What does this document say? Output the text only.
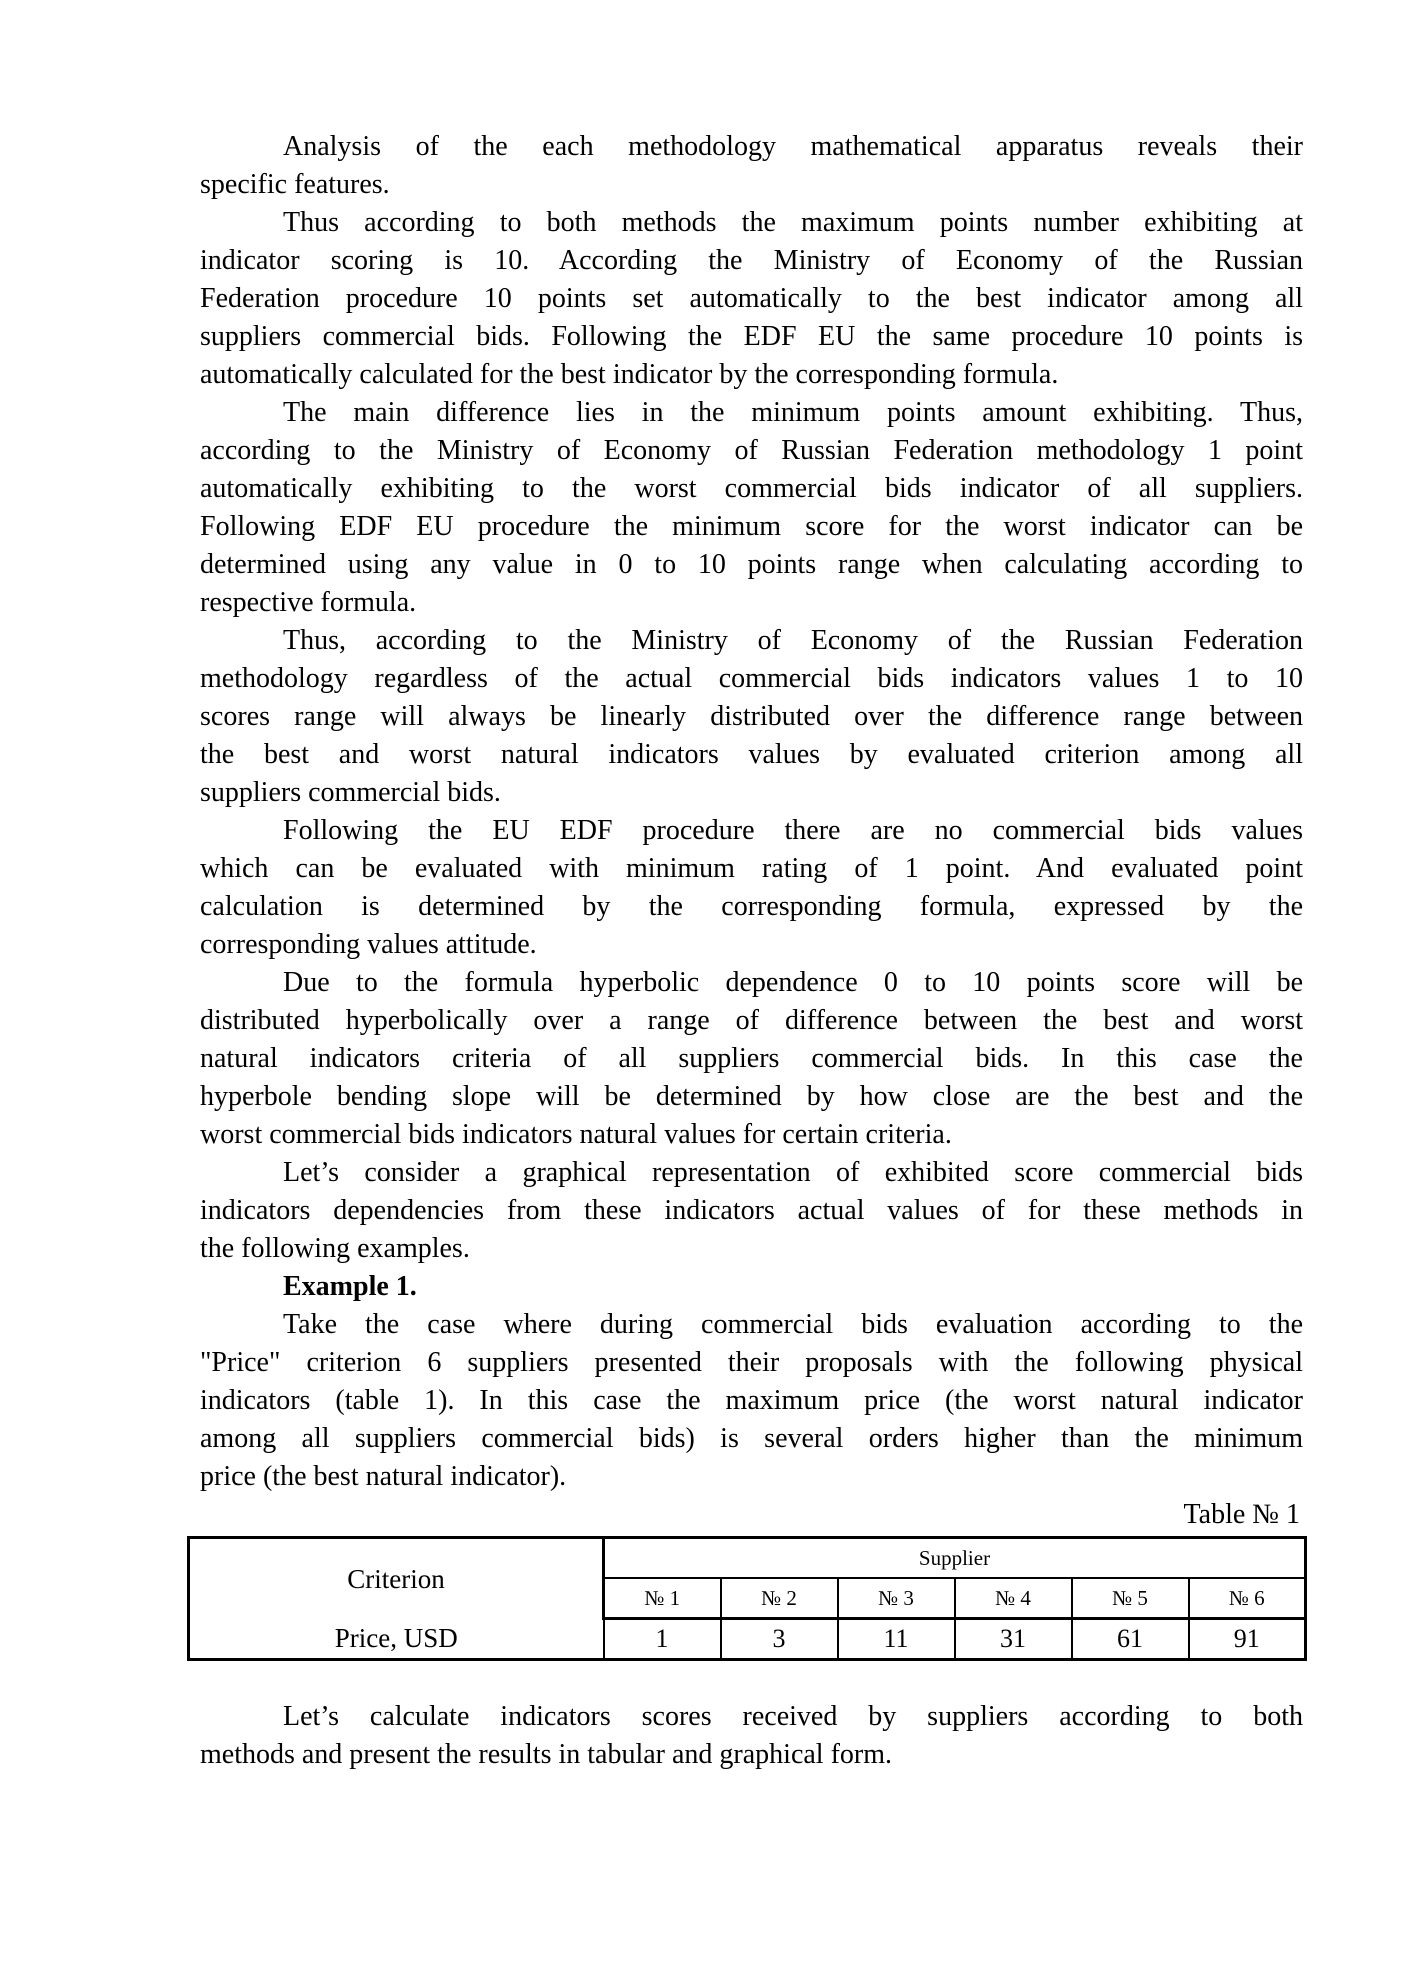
Analysis of the each methodology mathematical apparatus reveals their
specific features.
Thus according to both methods the maximum points number exhibiting at
indicator scoring is 10. According the Ministry of Economy of the Russian
Federation procedure 10 points set automatically to the best indicator among all
suppliers commercial bids. Following the EDF EU the same procedure 10 points is
automatically calculated for the best indicator by the corresponding formula.
The main difference lies in the minimum points amount exhibiting. Thus,
according to the Ministry of Economy of Russian Federation methodology 1 point
automatically exhibiting to the worst commercial bids indicator of all suppliers.
Following EDF EU procedure the minimum score for the worst indicator can be
determined using any value in 0 to 10 points range when calculating according to
respective formula.
Thus, according to the Ministry of Economy of the Russian Federation
methodology regardless of the actual commercial bids indicators values 1 to 10
scores range will always be linearly distributed over the difference range between
the best and worst natural indicators values by evaluated criterion among all
suppliers commercial bids.
Following the EU EDF procedure there are no commercial bids values
which can be evaluated with minimum rating of 1 point. And evaluated point
calculation is determined by the corresponding formula, expressed by the
corresponding values attitude.
Due to the formula hyperbolic dependence 0 to 10 points score will be
distributed hyperbolically over a range of difference between the best and worst
natural indicators criteria of all suppliers commercial bids. In this case the
hyperbole bending slope will be determined by how close are the best and the
worst commercial bids indicators natural values for certain criteria.
Let’s consider a graphical representation of exhibited score commercial bids
indicators dependencies from these indicators actual values of for these methods in
the following examples.
Example 1.
Take the case where during commercial bids evaluation according to the
"Price" criterion 6 suppliers presented their proposals with the following physical
indicators (table 1). In this case the maximum price (the worst natural indicator
among all suppliers commercial bids) is several orders higher than the minimum
price (the best natural indicator).
Table № 1
Criterion	Supplier					
	№ 1	№ 2	№ 3	№ 4	№ 5	№ 6
Price, USD	1	3	11	31	61	91
Let’s calculate indicators scores received by suppliers according to both
methods and present the results in tabular and graphical form.
